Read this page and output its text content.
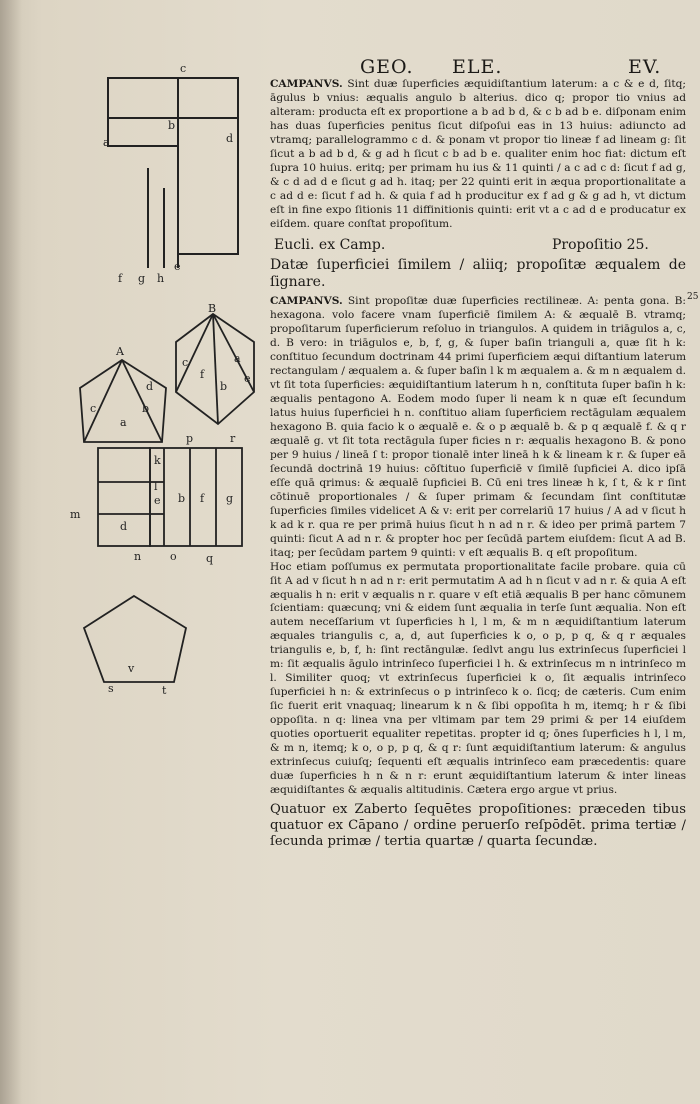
GEO. ELE.	EV.
25
c
b
d
a
f g h
e
B
A
c
a
b
d
c
f
a
b
e
d
p	r
k
l
e b f g
m
n	o	q
v
s	t

CAMPANVS. Sint duæ ſuperficies æquidiſtantium laterum: a c & e d, ſitq; āgulus b vnius: æqualis angulo b alterius. dico q; propor tio vnius ad alteram: producta eſt ex proportione a b ad b d, & c b ad b e. diſponam enim has duas ſuperficies penitus ſicut diſpoſui eas in 13 huius: adiuncto ad vtramq; parallelogrammo c d. & ponam vt propor tio lineæ f ad lineam g: ſit ſicut a b ad b d, & g ad h ſicut c b ad b e. qualiter enim hoc fiat: dictum eſt ſupra 10 huius. eritq; per primam hu ius & 11 quinti / a c ad c d: ſicut f ad g, & c d ad d e ſicut g ad h. itaq; per 22 quinti erit in æqua proportionalitate a c ad d e: ſicut f ad h. & quia f ad h producitur ex f ad g & g ad h, vt dictum eſt in fine expo ſitionis 11 diffinitionis quinti: erit vt a c ad d e producatur ex eiſdem. quare conſtat propoſitum.

Eucli. ex Camp.	Propoſitio 25.

Datæ ſuperficiei ſimilem / aliiq; propoſitæ æqualem de ſignare.

CAMPANVS. Sint propoſitæ duæ ſuperficies rectilineæ. A: penta gona. B: hexagona. volo facere vnam ſuperficiē ſimilem A: & æqualē B. vtramq; propoſitarum ſuperficierum reſoluo in triangulos. A quidem in triāgulos a, c, d. B vero: in triāgulos e, b, f, g, & ſuper baſin trianguli a, quæ ſit h k: conſtituo ſecundum doctrinam 44 primi ſuperficiem æqui diſtantium laterum rectangulam / æqualem a. & ſuper baſin l k m æqualem a. & m n æqualem d. vt ſit tota ſuperficies: æquidiſtantium laterum h n, conſtituta ſuper baſin h k: æqualis pentagono A. Eodem modo ſuper li neam k n quæ eſt ſecundum latus huius ſuperficiei h n. conſtituo aliam ſuperficiem rectāgulam æqualem hexagono B. quia facio k o æqualē e. & o p æqualē b. & p q æqualē f. & q r æqualē g. vt ſit tota rectāgula ſuper ficies n r: æqualis hexagono B. & pono per 9 huius / lineā ſ t: propor tionalē inter lineā h k & lineam k r. & ſuper eā ſecundā doctrinā 19 huius: cōſtituo ſuperficiē v ſimilē ſupficiei A. dico ipſā eſſe quā qrimus: & æqualē ſupficiei B. Cū eni tres lineæ h k, ſ t, & k r ſint cōtinuē proportionales / & ſuper primam & ſecundam ſint conſtitutæ ſuperficies ſimiles videlicet A & v: erit per correlariū 17 huius / A ad v ſicut h k ad k r. qua re per primā huius ſicut h n ad n r. & ideo per primā partem 7 quinti: ſicut A ad n r. & propter hoc per ſecūdā partem eiuſdem: ſicut A ad B. itaq; per ſecūdam partem 9 quinti: v eſt æqualis B. q eſt propoſitum.

Hoc etiam poſſumus ex permutata proportionalitate facile probare. quia cū ſit A ad v ſicut h n ad n r: erit permutatim A ad h n ſicut v ad n r. & quia A eſt æqualis h n: erit v æqualis n r. quare v eſt etiā æqualis B per hanc cōmunem ſcientiam: quæcunq; vni & eidem ſunt æqualia in terſe ſunt æqualia. Non eſt autem neceſſarium vt ſuperficies h l, l m, & m n æquidiſtantium laterum æquales triangulis c, a, d, aut ſuperficies k o, o p, p q, & q r æquales triangulis e, b, f, h: ſint rectāngulæ. ſedlvt angu lus extrinſecus ſuperficiei l m: ſit æqualis āgulo intrinſeco ſuperficiei l h. & extrinſecus m n intrinſeco m l. Similiter quoq; vt extrinſecus ſuperficiei k o, ſit æqualis intrinſeco ſuperficiei h n: & extrinſecus o p intrinſeco k o. ſicq; de cæteris. Cum enim ſic fuerit erit vnaquaq; linearum k n & ſibi oppoſita h m, itemq; h r & ſibi oppoſita. n q: linea vna per vltimam par tem 29 primi & per 14 eiuſdem quoties oportuerit equaliter repetitas. propter id q; ōnes ſuperficies h l, l m, & m n, itemq; k o, o p, p q, & q r: ſunt æquidiſtantium laterum: & angulus extrinſecus cuiuſq; ſequenti eſt æqualis intrinſeco eam præcedentis: quare duæ ſuperficies h n & n r: erunt æquidiſtantium laterum & inter lineas æquidiſtantes & æqualis altitudinis. Cætera ergo argue vt prius.

Quatuor ex Zaberto ſequētes propoſitiones: præceden tibus quatuor ex Cāpano / ordine peruerſo reſpōdēt. prima tertiæ / ſecunda primæ / tertia quartæ / quarta ſecundæ.
